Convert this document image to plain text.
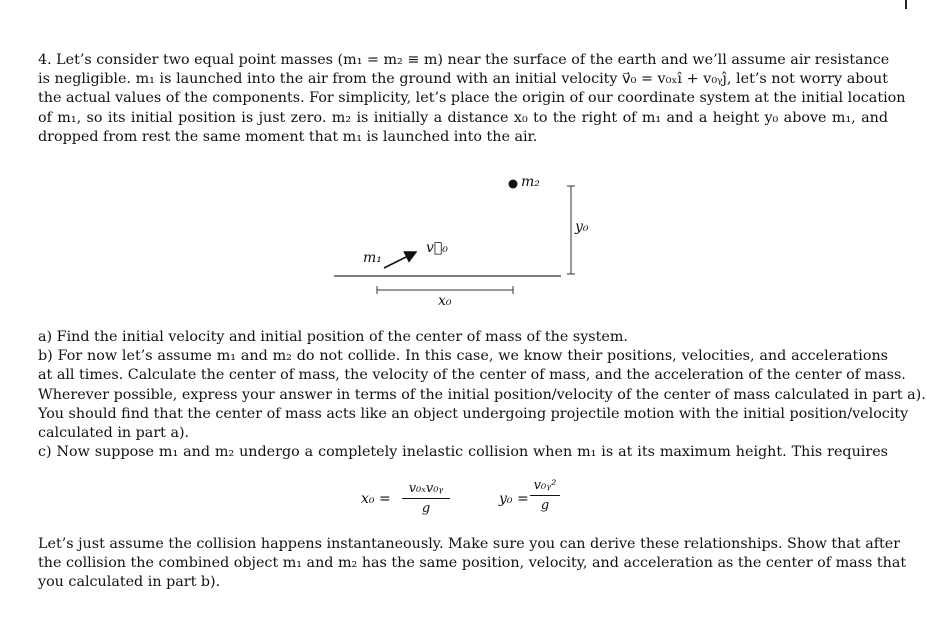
4. Let’s consider two equal point masses (m₁ = m₂ ≡ m) near the surface of the earth and we’ll assume air resistance
is negligible. m₁ is launched into the air from the ground with an initial velocity v⃗₀ = v₀ₓî + v₀ᵧĵ, let’s not worry about
the actual values of the components. For simplicity, let’s place the origin of our coordinate system at the initial location
of m₁, so its initial position is just zero. m₂ is initially a distance x₀ to the right of m₁ and a height y₀ above m₁, and
dropped from rest the same moment that m₁ is launched into the air.
m₁
m₂
v⃗₀
x₀
y₀
a) Find the initial velocity and initial position of the center of mass of the system.
b) For now let’s assume m₁ and m₂ do not collide. In this case, we know their positions, velocities, and accelerations
at all times. Calculate the center of mass, the velocity of the center of mass, and the acceleration of the center of mass.
Wherever possible, express your answer in terms of the initial position/velocity of the center of mass calculated in part a).
You should find that the center of mass acts like an object undergoing projectile motion with the initial position/velocity
calculated in part a).
c) Now suppose m₁ and m₂ undergo a completely inelastic collision when m₁ is at its maximum height. This requires
x₀ =
v₀ₓv₀ᵧ
g
y₀ =
v₀ᵧ²
g
Let’s just assume the collision happens instantaneously. Make sure you can derive these relationships. Show that after
the collision the combined object m₁ and m₂ has the same position, velocity, and acceleration as the center of mass that
you calculated in part b).
